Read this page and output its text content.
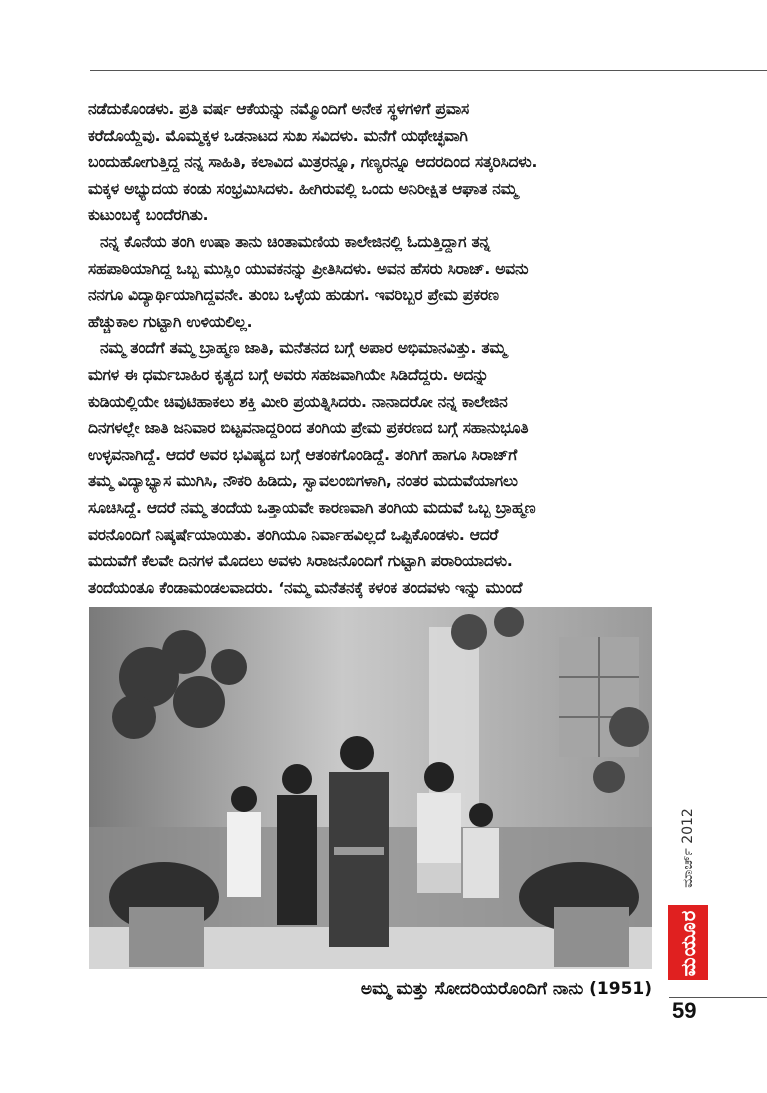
ನಡೆದುಕೊಂಡಳು. ಪ್ರತಿ ವರ್ಷ ಆಕೆಯನ್ನು ನಮ್ಮೊಂದಿಗೆ ಅನೇಕ ಸ್ಥಳಗಳಿಗೆ ಪ್ರವಾಸ
ಕರೆದೊಯ್ದೆವು. ಮೊಮ್ಮಕ್ಕಳ ಒಡನಾಟದ ಸುಖ ಸವಿದಳು. ಮನೆಗೆ ಯಥೇಚ್ಛವಾಗಿ
ಬಂದುಹೋಗುತ್ತಿದ್ದ ನನ್ನ ಸಾಹಿತಿ, ಕಲಾವಿದ ಮಿತ್ರರನ್ನೂ, ಗಣ್ಯರನ್ನೂ ಆದರದಿಂದ ಸತ್ಕರಿಸಿದಳು.
ಮಕ್ಕಳ ಅಭ್ಯುದಯ ಕಂಡು ಸಂಭ್ರಮಿಸಿದಳು. ಹೀಗಿರುವಲ್ಲಿ ಒಂದು ಅನಿರೀಕ್ಷಿತ ಆಘಾತ ನಮ್ಮ
ಕುಟುಂಬಕ್ಕೆ ಬಂದೆರಗಿತು.
ನನ್ನ ಕೊನೆಯ ತಂಗಿ ಉಷಾ ತಾನು ಚಿಂತಾಮಣಿಯ ಕಾಲೇಜಿನಲ್ಲಿ ಓದುತ್ತಿದ್ದಾಗ ತನ್ನ
ಸಹಪಾಠಿಯಾಗಿದ್ದ ಒಬ್ಬ ಮುಸ್ಲಿಂ ಯುವಕನನ್ನು ಪ್ರೀತಿಸಿದಳು. ಅವನ ಹೆಸರು ಸಿರಾಜ್. ಅವನು
ನನಗೂ ವಿದ್ಯಾರ್ಥಿಯಾಗಿದ್ದವನೇ. ತುಂಬ ಒಳ್ಳೆಯ ಹುಡುಗ. ಇವರಿಬ್ಬರ ಪ್ರೇಮ ಪ್ರಕರಣ
ಹೆಚ್ಚುಕಾಲ ಗುಟ್ಟಾಗಿ ಉಳಿಯಲಿಲ್ಲ.
ನಮ್ಮ ತಂದೆಗೆ ತಮ್ಮ ಬ್ರಾಹ್ಮಣ ಜಾತಿ, ಮನೆತನದ ಬಗ್ಗೆ ಅಪಾರ ಅಭಿಮಾನವಿತ್ತು. ತಮ್ಮ
ಮಗಳ ಈ ಧರ್ಮಬಾಹಿರ ಕೃತ್ಯದ ಬಗ್ಗೆ ಅವರು ಸಹಜವಾಗಿಯೇ ಸಿಡಿದೆದ್ದರು. ಅದನ್ನು
ಕುಡಿಯಲ್ಲಿಯೇ ಚಿವುಟಿಹಾಕಲು ಶಕ್ತಿ ಮೀರಿ ಪ್ರಯತ್ನಿಸಿದರು. ನಾನಾದರೋ ನನ್ನ ಕಾಲೇಜಿನ
ದಿನಗಳಲ್ಲೇ ಜಾತಿ ಜನಿವಾರ ಬಿಟ್ಟವನಾದ್ದರಿಂದ ತಂಗಿಯ ಪ್ರೇಮ ಪ್ರಕರಣದ ಬಗ್ಗೆ ಸಹಾನುಭೂತಿ
ಉಳ್ಳವನಾಗಿದ್ದೆ. ಆದರೆ ಅವರ ಭವಿಷ್ಯದ ಬಗ್ಗೆ ಆತಂಕಗೊಂಡಿದ್ದೆ. ತಂಗಿಗೆ ಹಾಗೂ ಸಿರಾಜ್‌ಗೆ
ತಮ್ಮ ವಿದ್ಯಾಭ್ಯಾಸ ಮುಗಿಸಿ, ನೌಕರಿ ಹಿಡಿದು, ಸ್ವಾವಲಂಬಿಗಳಾಗಿ, ನಂತರ ಮದುವೆಯಾಗಲು
ಸೂಚಿಸಿದ್ದೆ. ಆದರೆ ನಮ್ಮ ತಂದೆಯ ಒತ್ತಾಯವೇ ಕಾರಣವಾಗಿ ತಂಗಿಯ ಮದುವೆ ಒಬ್ಬ ಬ್ರಾಹ್ಮಣ
ವರನೊಂದಿಗೆ ನಿಷ್ಕರ್ಷೆಯಾಯಿತು. ತಂಗಿಯೂ ನಿರ್ವಾಹವಿಲ್ಲದೆ ಒಪ್ಪಿಕೊಂಡಳು. ಆದರೆ
ಮದುವೆಗೆ ಕೆಲವೇ ದಿನಗಳ ಮೊದಲು ಅವಳು ಸಿರಾಜನೊಂದಿಗೆ ಗುಟ್ಟಾಗಿ ಪರಾರಿಯಾದಳು.
ತಂದೆಯಂತೂ ಕೆಂಡಾಮಂಡಲವಾದರು. ‘ನಮ್ಮ ಮನೆತನಕ್ಕೆ ಕಳಂಕ ತಂದವಳು ಇನ್ನು ಮುಂದೆ
ಅಮ್ಮ ಮತ್ತು ಸೋದರಿಯರೊಂದಿಗೆ ನಾನು (1951)
ಮಾರ್ಚ್ 2012
ಮಯೂರ
59
